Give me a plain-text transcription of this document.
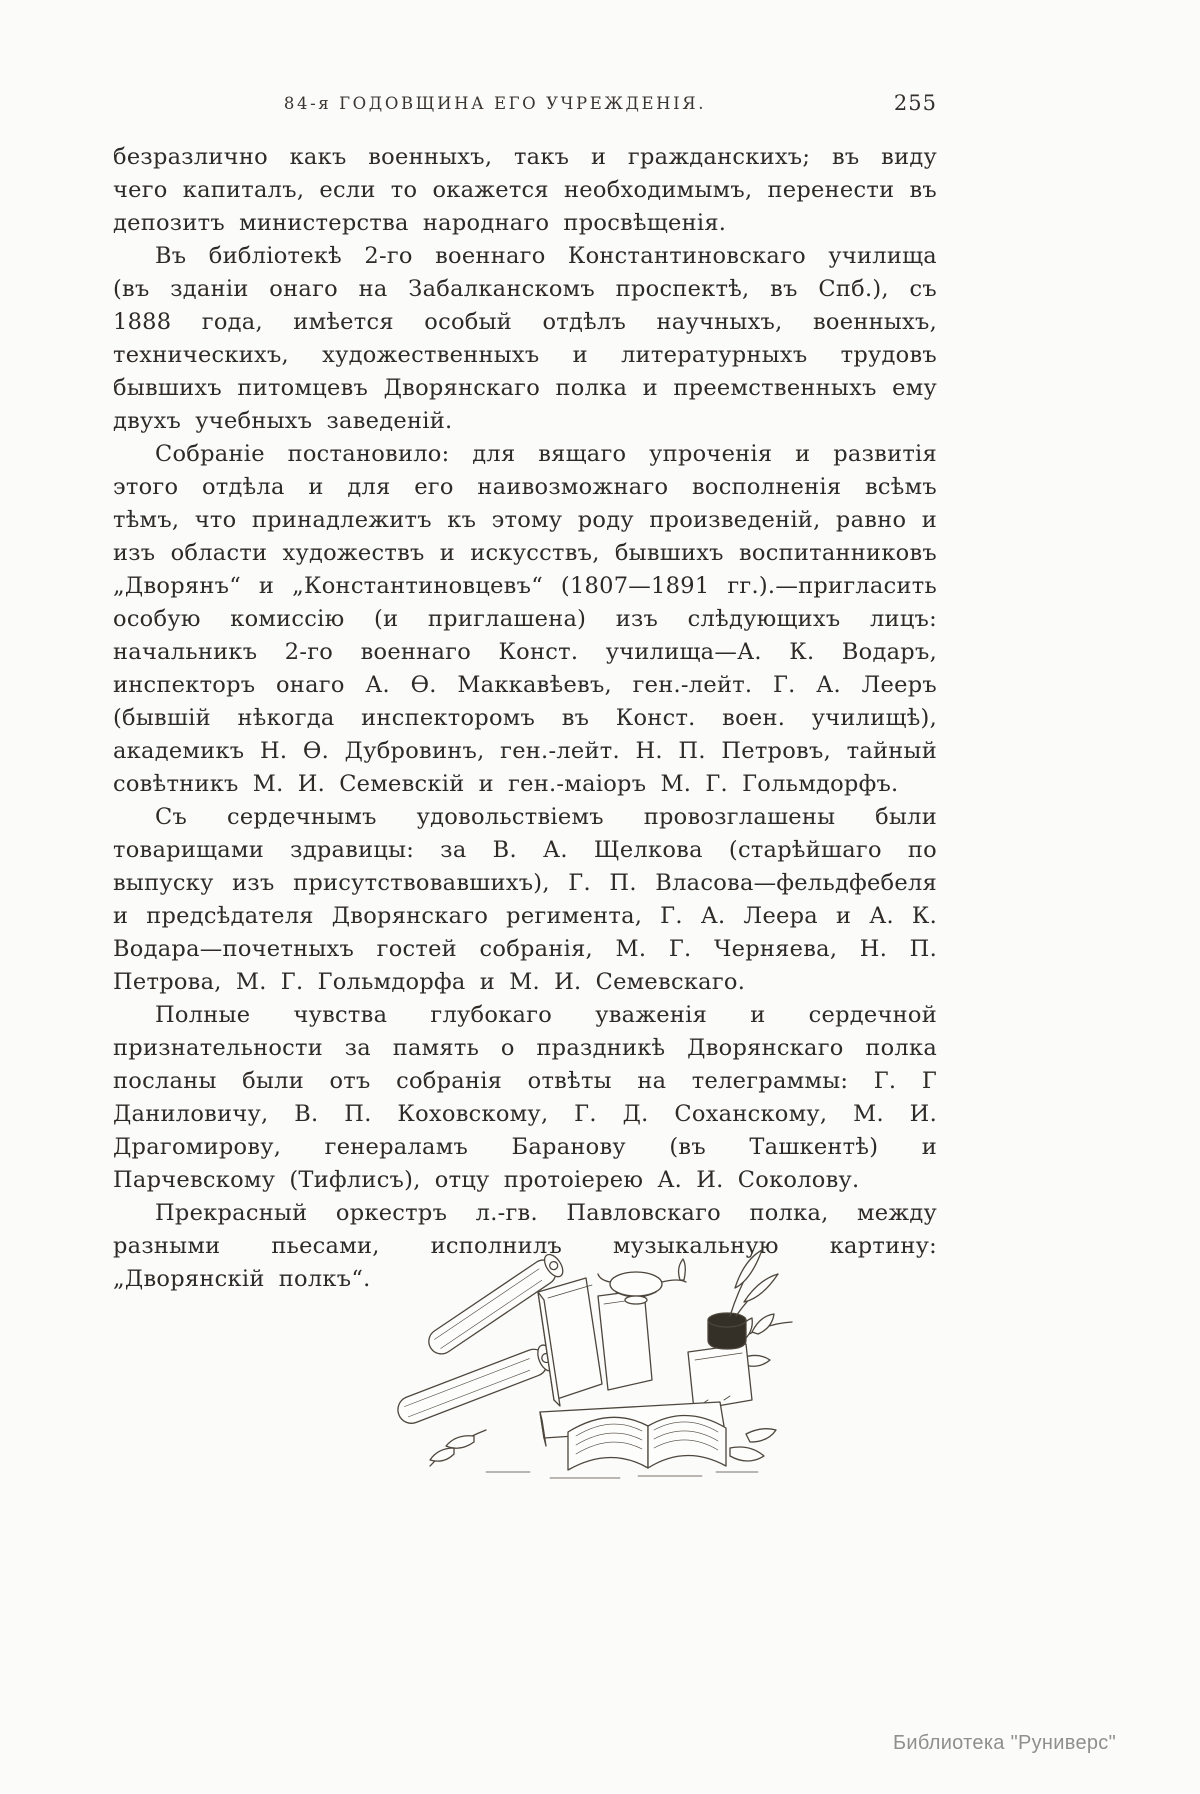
84-я ГОДОВЩИНА ЕГО УЧРЕЖДЕНІЯ.	255

безразлично какъ военныхъ, такъ и гражданскихъ; въ виду чего капиталъ, если то окажется необходимымъ, перенести въ депозитъ министерства народнаго просвѣщенія.

Въ библіотекѣ 2-го военнаго Константиновскаго училища (въ зданіи онаго на Забалканскомъ проспектѣ, въ Спб.), съ 1888 года, имѣется особый отдѣлъ научныхъ, военныхъ, техническихъ, художественныхъ и литературныхъ трудовъ бывшихъ питомцевъ Дворянскаго полка и преемственныхъ ему двухъ учебныхъ заведеній.

Собраніе постановило: для вящаго упроченія и развитія этого отдѣла и для его наивозможнаго восполненія всѣмъ тѣмъ, что принадлежитъ къ этому роду произведеній, равно и изъ области художествъ и искусствъ, бывшихъ воспитанниковъ „Дворянъ“ и „Константиновцевъ“ (1807—1891 гг.).—пригласить особую комиссію (и приглашена) изъ слѣдующихъ лицъ: начальникъ 2-го военнаго Конст. училища—А. К. Водаръ, инспекторъ онаго А. Ѳ. Маккавѣевъ, ген.-лейт. Г. А. Лееръ (бывшій нѣкогда инспекторомъ въ Конст. воен. училищѣ), академикъ Н. Ѳ. Дубровинъ, ген.-лейт. Н. П. Петровъ, тайный совѣтникъ М. И. Семевскій и ген.-маіоръ М. Г. Гольмдорфъ.

Съ сердечнымъ удовольствіемъ провозглашены были товарищами здравицы: за В. А. Щелкова (старѣйшаго по выпуску изъ присутствовавшихъ), Г. П. Власова—фельдфебеля и предсѣдателя Дворянскаго регимента, Г. А. Леера и А. К. Водара—почетныхъ гостей собранія, М. Г. Черняева, Н. П. Петрова, М. Г. Гольмдорфа и М. И. Семевскаго.

Полные чувства глубокаго уваженія и сердечной признательности за память о праздникѣ Дворянскаго полка посланы были отъ собранія отвѣты на телеграммы: Г. Г Даниловичу, В. П. Коховскому, Г. Д. Соханскому, М. И. Драгомирову, генераламъ Баранову (въ Ташкентѣ) и Парчевскому (Тифлисъ), отцу протоіерею А. И. Соколову.

Прекрасный оркестръ л.-гв. Павловскаго полка, между разными пьесами, исполнилъ музыкальную картину: „Дворянскій полкъ“.

Библиотека "Руниверс"
